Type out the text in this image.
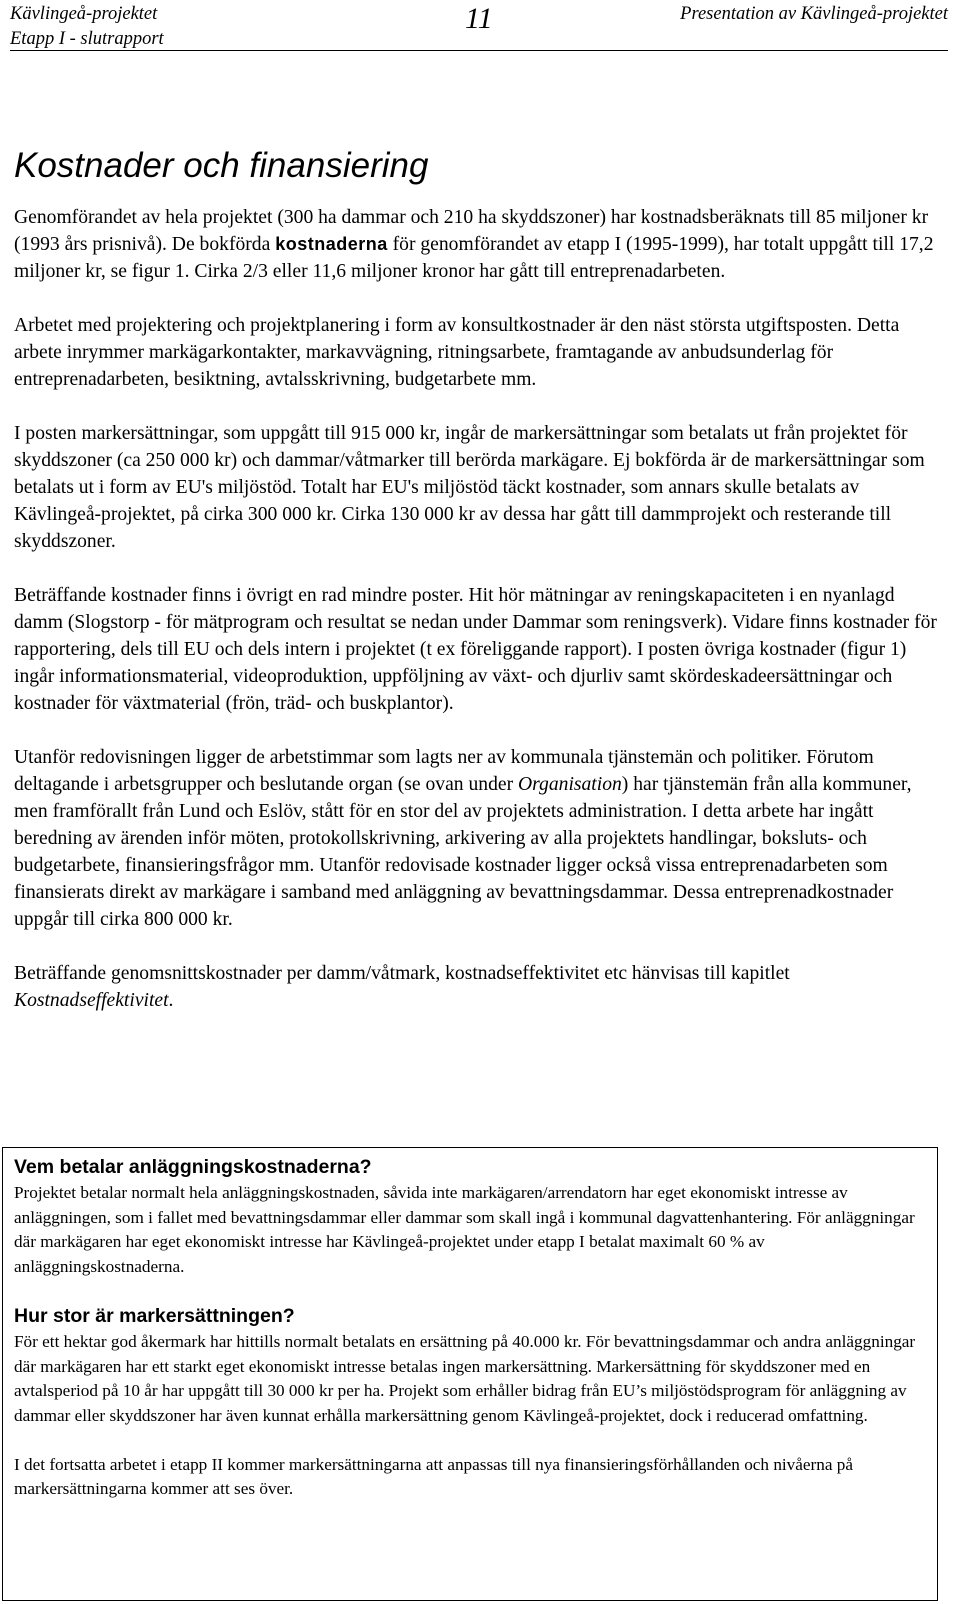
Kävlingeå-projektet
Etapp I - slutrapport
11	Presentation av Kävlingeå-projektet
Kostnader och finansiering

Genomförandet av hela projektet (300 ha dammar och 210 ha skyddszoner) har kostnadsberäknats till 85 miljoner kr (1993 års prisnivå). De bokförda kostnaderna för genomförandet av etapp I (1995-1999), har totalt uppgått till 17,2 miljoner kr, se figur 1. Cirka 2/3 eller 11,6 miljoner kronor har gått till entreprenadarbeten.

Arbetet med projektering och projektplanering i form av konsultkostnader är den näst största utgiftsposten. Detta arbete inrymmer markägarkontakter, markavvägning, ritningsarbete, framtagande av anbudsunderlag för entreprenadarbeten, besiktning, avtalsskrivning, budgetarbete mm.

I posten markersättningar, som uppgått till 915 000 kr, ingår de markersättningar som betalats ut från projektet för skyddszoner (ca 250 000 kr) och dammar/våtmarker till berörda markägare. Ej bokförda är de markersättningar som betalats ut i form av EU's miljöstöd. Totalt har EU's miljöstöd täckt kostnader, som annars skulle betalats av Kävlingeå-projektet, på cirka 300 000 kr. Cirka 130 000 kr av dessa har gått till dammprojekt och resterande till skyddszoner.

Beträffande kostnader finns i övrigt en rad mindre poster. Hit hör mätningar av reningskapaciteten i en nyanlagd damm (Slogstorp - för mätprogram och resultat se nedan under Dammar som reningsverk). Vidare finns kostnader för rapportering, dels till EU och dels intern i projektet (t ex föreliggande rapport). I posten övriga kostnader (figur 1) ingår informationsmaterial, videoproduktion, uppföljning av växt- och djurliv samt skördeskadeersättningar och kostnader för växtmaterial (frön, träd- och buskplantor).

Utanför redovisningen ligger de arbetstimmar som lagts ner av kommunala tjänstemän och politiker. Förutom deltagande i arbetsgrupper och beslutande organ (se ovan under Organisation) har tjänstemän från alla kommuner, men framförallt från Lund och Eslöv, stått för en stor del av projektets administration. I detta arbete har ingått beredning av ärenden inför möten, protokollskrivning, arkivering av alla projektets handlingar, boksluts- och budgetarbete, finansieringsfrågor mm. Utanför redovisade kostnader ligger också vissa entreprenadarbeten som finansierats direkt av markägare i samband med anläggning av bevattningsdammar. Dessa entreprenadkostnader uppgår till cirka 800 000 kr.

Beträffande genomsnittskostnader per damm/våtmark, kostnadseffektivitet etc hänvisas till kapitlet Kostnadseffektivitet.

Vem betalar anläggningskostnaderna?

Projektet betalar normalt hela anläggningskostnaden, såvida inte markägaren/arrendatorn har eget ekonomiskt intresse av anläggningen, som i fallet med bevattningsdammar eller dammar som skall ingå i kommunal dagvattenhantering. För anläggningar där markägaren har eget ekonomiskt intresse har Kävlingeå-projektet under etapp I betalat maximalt 60 % av anläggningskostnaderna.

Hur stor är markersättningen?

För ett hektar god åkermark har hittills normalt betalats en ersättning på 40.000 kr. För bevattningsdammar och andra anläggningar där markägaren har ett starkt eget ekonomiskt intresse betalas ingen markersättning. Markersättning för skyddszoner med en avtalsperiod på 10 år har uppgått till 30 000 kr per ha. Projekt som erhåller bidrag från EU’s miljöstödsprogram för anläggning av dammar eller skyddszoner har även kunnat erhålla markersättning genom Kävlingeå-projektet, dock i reducerad omfattning.

I det fortsatta arbetet i etapp II kommer markersättningarna att anpassas till nya finansieringsförhållanden och nivåerna på markersättningarna kommer att ses över.
